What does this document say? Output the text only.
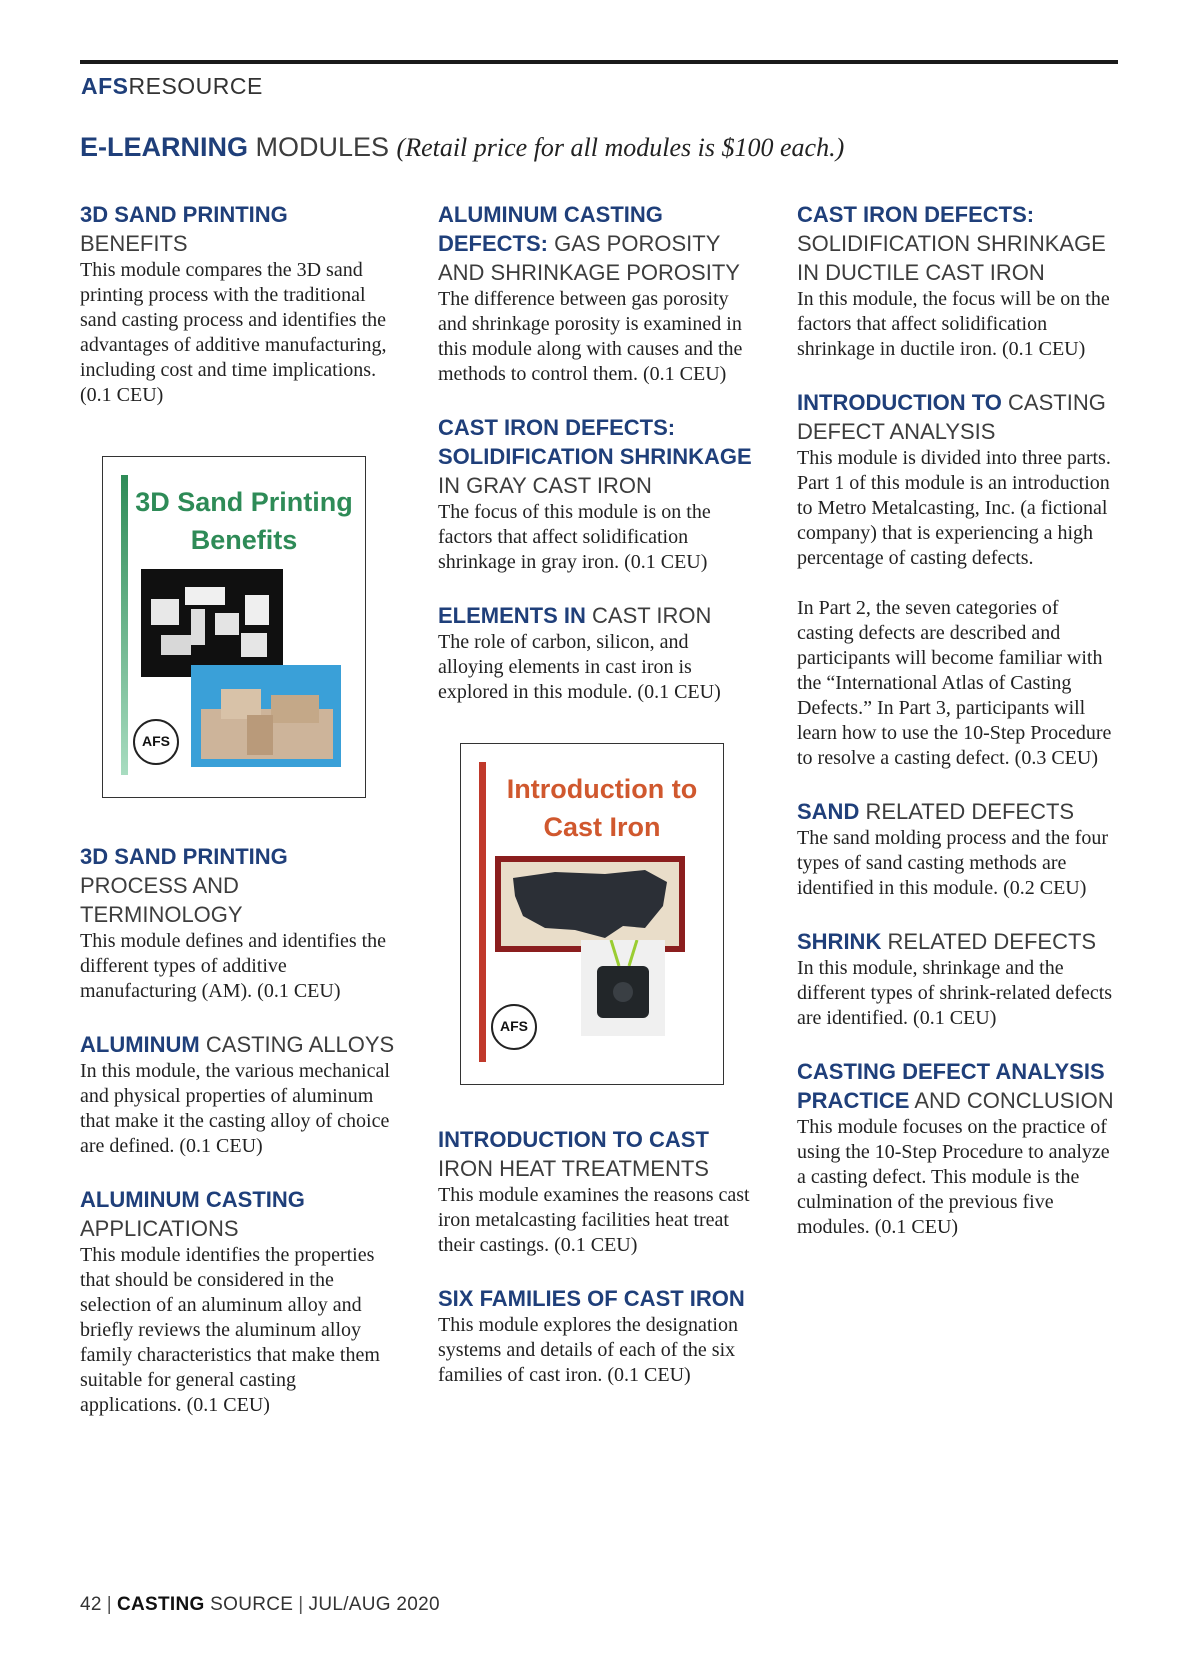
AFSRESOURCE
E-LEARNING MODULES (Retail price for all modules is $100 each.)
3D SAND PRINTING BENEFITS

This module compares the 3D sand printing process with the traditional sand casting process and identifies the advantages of additive manufacturing, including cost and time implications. (0.1 CEU)

3D Sand Printing
Benefits
AFS
3D SAND PRINTING PROCESS AND TERMINOLOGY

This module defines and identifies the different types of additive manufacturing (AM). (0.1 CEU)

ALUMINUM CASTING ALLOYS

In this module, the various mechanical and physical properties of aluminum that make it the casting alloy of choice are defined. (0.1 CEU)

ALUMINUM CASTING APPLICATIONS

This module identifies the properties that should be considered in the selection of an aluminum alloy and briefly reviews the aluminum alloy family characteristics that make them suitable for general casting applications. (0.1 CEU)

ALUMINUM CASTING DEFECTS: GAS POROSITY AND SHRINKAGE POROSITY

The difference between gas porosity and shrinkage porosity is examined in this module along with causes and the methods to control them. (0.1 CEU)

CAST IRON DEFECTS: SOLIDIFICATION SHRINKAGE IN GRAY CAST IRON

The focus of this module is on the factors that affect solidification shrinkage in gray iron. (0.1 CEU)

ELEMENTS IN CAST IRON

The role of carbon, silicon, and alloying elements in cast iron is explored in this module. (0.1 CEU)

Introduction to
Cast Iron
AFS
INTRODUCTION TO CAST IRON HEAT TREATMENTS

This module examines the reasons cast iron metalcasting facilities heat treat their castings. (0.1 CEU)

SIX FAMILIES OF CAST IRON

This module explores the designation systems and details of each of the six families of cast iron. (0.1 CEU)

CAST IRON DEFECTS: SOLIDIFICATION SHRINKAGE IN DUCTILE CAST IRON

In this module, the focus will be on the factors that affect solidification shrinkage in ductile iron. (0.1 CEU)

INTRODUCTION TO CASTING DEFECT ANALYSIS

This module is divided into three parts. Part 1 of this module is an introduction to Metro Metalcasting, Inc. (a fictional company) that is experiencing a high percentage of casting defects.

In Part 2, the seven categories of casting defects are described and participants will become familiar with the “International Atlas of Casting Defects.” In Part 3, participants will learn how to use the 10-Step Procedure to resolve a casting defect. (0.3 CEU)

SAND RELATED DEFECTS

The sand molding process and the four types of sand casting methods are identified in this module. (0.2 CEU)

SHRINK RELATED DEFECTS

In this module, shrinkage and the different types of shrink-related defects are identified. (0.1 CEU)

CASTING DEFECT ANALYSIS PRACTICE AND CONCLUSION

This module focuses on the practice of using the 10-Step Procedure to analyze a casting defect. This module is the culmination of the previous five modules. (0.1 CEU)

42 | CASTING SOURCE | JUL/AUG 2020
